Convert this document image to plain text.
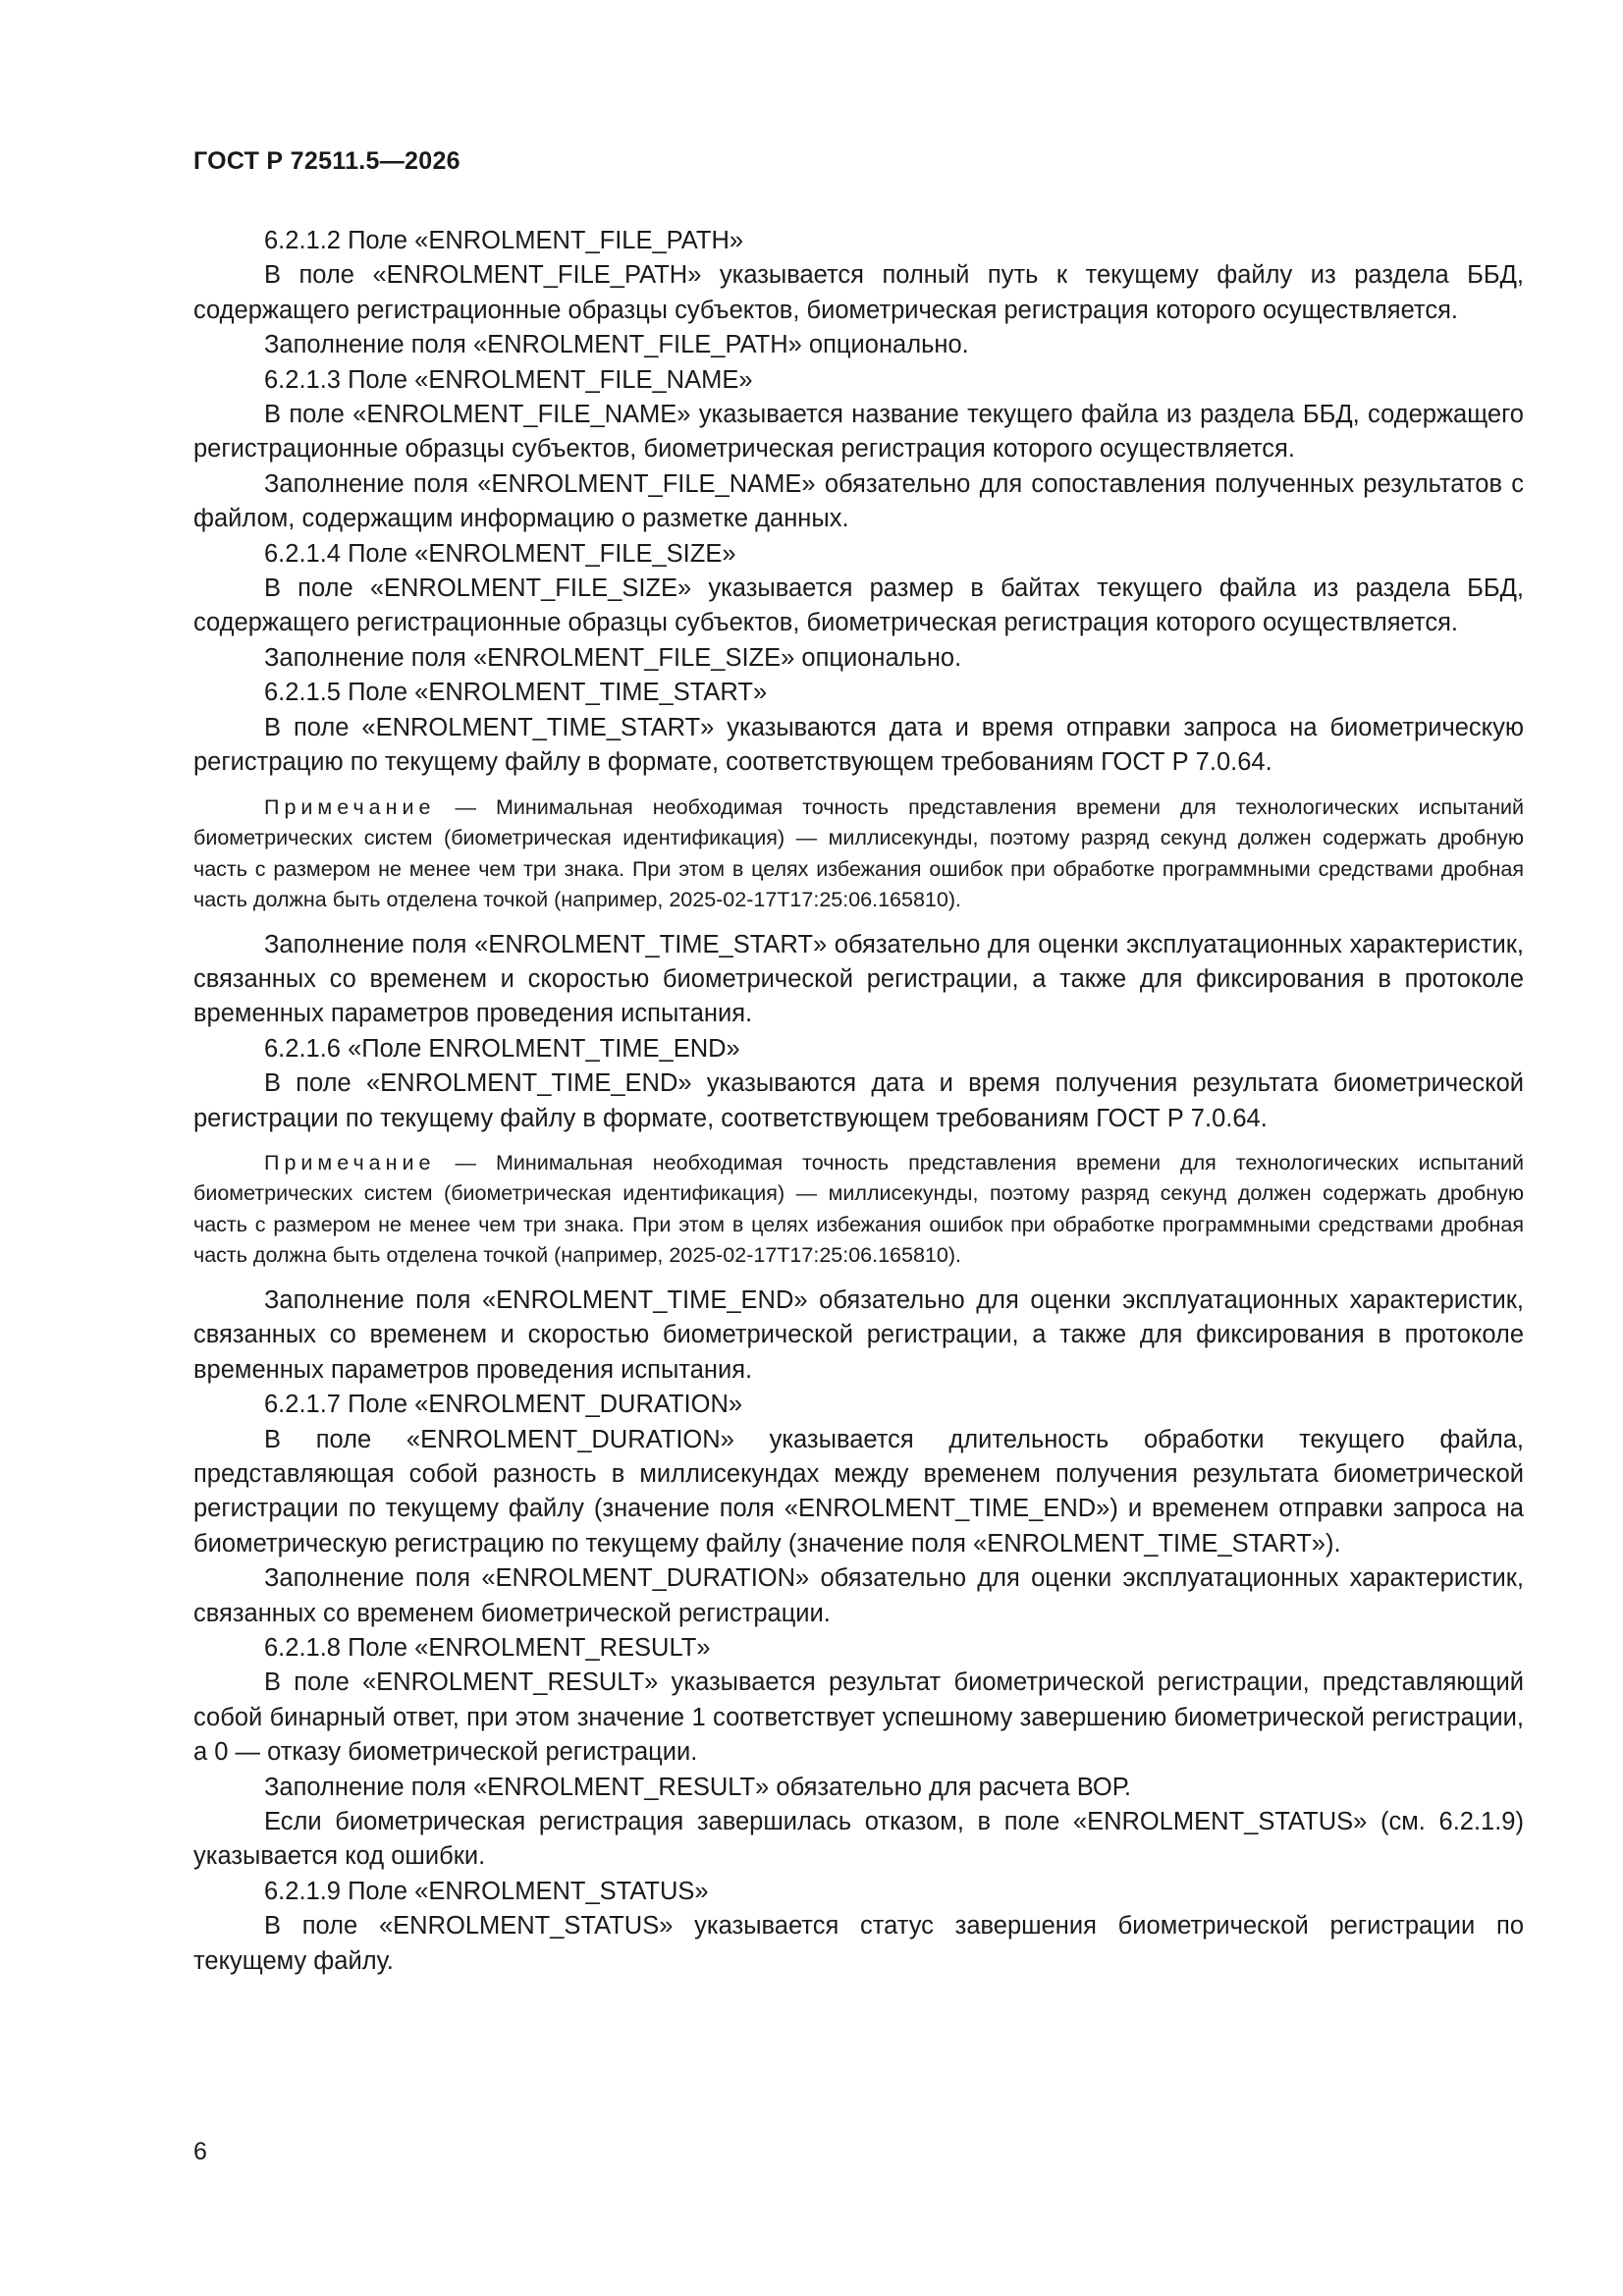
ГОСТ Р 72511.5—2026

6.2.1.2 Поле «ENROLMENT_FILE_PATH»

В поле «ENROLMENT_FILE_PATH» указывается полный путь к текущему файлу из раздела ББД, содержащего регистрационные образцы субъектов, биометрическая регистрация которого осуществляется.

Заполнение поля «ENROLMENT_FILE_PATH» опционально.

6.2.1.3 Поле «ENROLMENT_FILE_NAME»

В поле «ENROLMENT_FILE_NAME» указывается название текущего файла из раздела ББД, содержащего регистрационные образцы субъектов, биометрическая регистрация которого осуществляется.

Заполнение поля «ENROLMENT_FILE_NAME» обязательно для сопоставления полученных результатов с файлом, содержащим информацию о разметке данных.

6.2.1.4 Поле «ENROLMENT_FILE_SIZE»

В поле «ENROLMENT_FILE_SIZE» указывается размер в байтах текущего файла из раздела ББД, содержащего регистрационные образцы субъектов, биометрическая регистрация которого осуществляется.

Заполнение поля «ENROLMENT_FILE_SIZE» опционально.

6.2.1.5 Поле «ENROLMENT_TIME_START»

В поле «ENROLMENT_TIME_START» указываются дата и время отправки запроса на биометрическую регистрацию по текущему файлу в формате, соответствующем требованиям ГОСТ Р 7.0.64.

Примечание — Минимальная необходимая точность представления времени для технологических испытаний биометрических систем (биометрическая идентификация) — миллисекунды, поэтому разряд секунд должен содержать дробную часть с размером не менее чем три знака. При этом в целях избежания ошибок при обработке программными средствами дробная часть должна быть отделена точкой (например, 2025-02-17T17:25:06.165810).

Заполнение поля «ENROLMENT_TIME_START» обязательно для оценки эксплуатационных характеристик, связанных со временем и скоростью биометрической регистрации, а также для фиксирования в протоколе временных параметров проведения испытания.

6.2.1.6 «Поле ENROLMENT_TIME_END»

В поле «ENROLMENT_TIME_END» указываются дата и время получения результата биометрической регистрации по текущему файлу в формате, соответствующем требованиям ГОСТ Р 7.0.64.

Примечание — Минимальная необходимая точность представления времени для технологических испытаний биометрических систем (биометрическая идентификация) — миллисекунды, поэтому разряд секунд должен содержать дробную часть с размером не менее чем три знака. При этом в целях избежания ошибок при обработке программными средствами дробная часть должна быть отделена точкой (например, 2025-02-17T17:25:06.165810).

Заполнение поля «ENROLMENT_TIME_END» обязательно для оценки эксплуатационных характеристик, связанных со временем и скоростью биометрической регистрации, а также для фиксирования в протоколе временных параметров проведения испытания.

6.2.1.7 Поле «ENROLMENT_DURATION»

В поле «ENROLMENT_DURATION» указывается длительность обработки текущего файла, представляющая собой разность в миллисекундах между временем получения результата биометрической регистрации по текущему файлу (значение поля «ENROLMENT_TIME_END») и временем отправки запроса на биометрическую регистрацию по текущему файлу (значение поля «ENROLMENT_TIME_START»).

Заполнение поля «ENROLMENT_DURATION» обязательно для оценки эксплуатационных характеристик, связанных со временем биометрической регистрации.

6.2.1.8 Поле «ENROLMENT_RESULT»

В поле «ENROLMENT_RESULT» указывается результат биометрической регистрации, представляющий собой бинарный ответ, при этом значение 1 соответствует успешному завершению биометрической регистрации, а 0 — отказу биометрической регистрации.

Заполнение поля «ENROLMENT_RESULT» обязательно для расчета ВОР.

Если биометрическая регистрация завершилась отказом, в поле «ENROLMENT_STATUS» (см. 6.2.1.9) указывается код ошибки.

6.2.1.9 Поле «ENROLMENT_STATUS»

В поле «ENROLMENT_STATUS» указывается статус завершения биометрической регистрации по текущему файлу.

6
